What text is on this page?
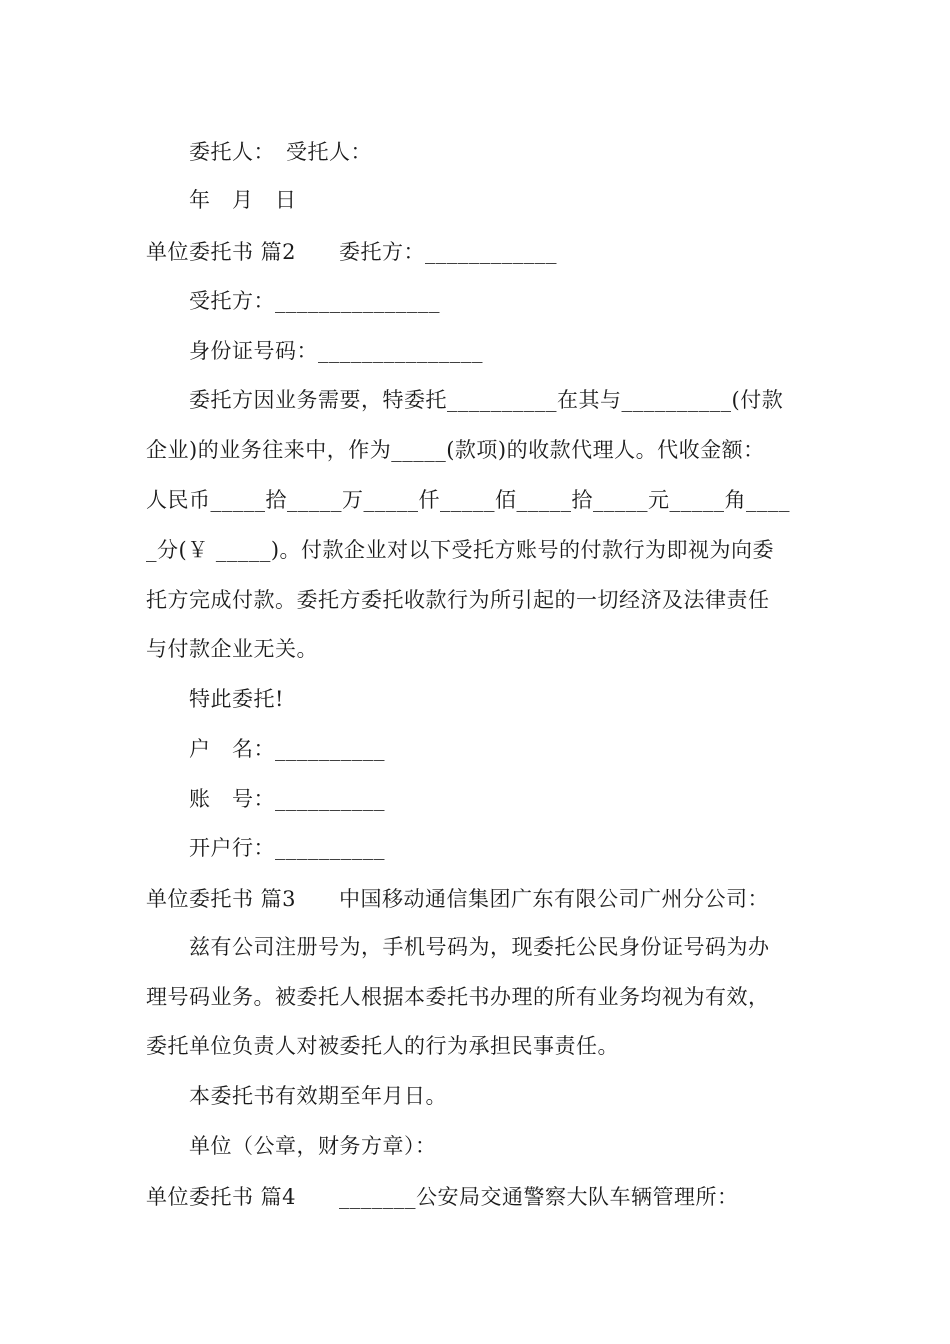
委托人：　受托人：
年　月　日
单位委托书 篇2　　委托方：____________
受托方：_______________
身份证号码：_______________
委托方因业务需要，特委托__________在其与__________(付款
企业)的业务往来中，作为_____(款项)的收款代理人。代收金额：
人民币_____拾_____万_____仟_____佰_____拾_____元_____角____
_分(￥ _____)。付款企业对以下受托方账号的付款行为即视为向委
托方完成付款。委托方委托收款行为所引起的一切经济及法律责任
与付款企业无关。
特此委托!
户　名：__________
账　号：__________
开户行：__________
单位委托书 篇3　　中国移动通信集团广东有限公司广州分公司：
兹有公司注册号为，手机号码为，现委托公民身份证号码为办
理号码业务。被委托人根据本委托书办理的所有业务均视为有效，
委托单位负责人对被委托人的行为承担民事责任。
本委托书有效期至年月日。
单位（公章，财务方章）：
单位委托书 篇4　　_______公安局交通警察大队车辆管理所：
